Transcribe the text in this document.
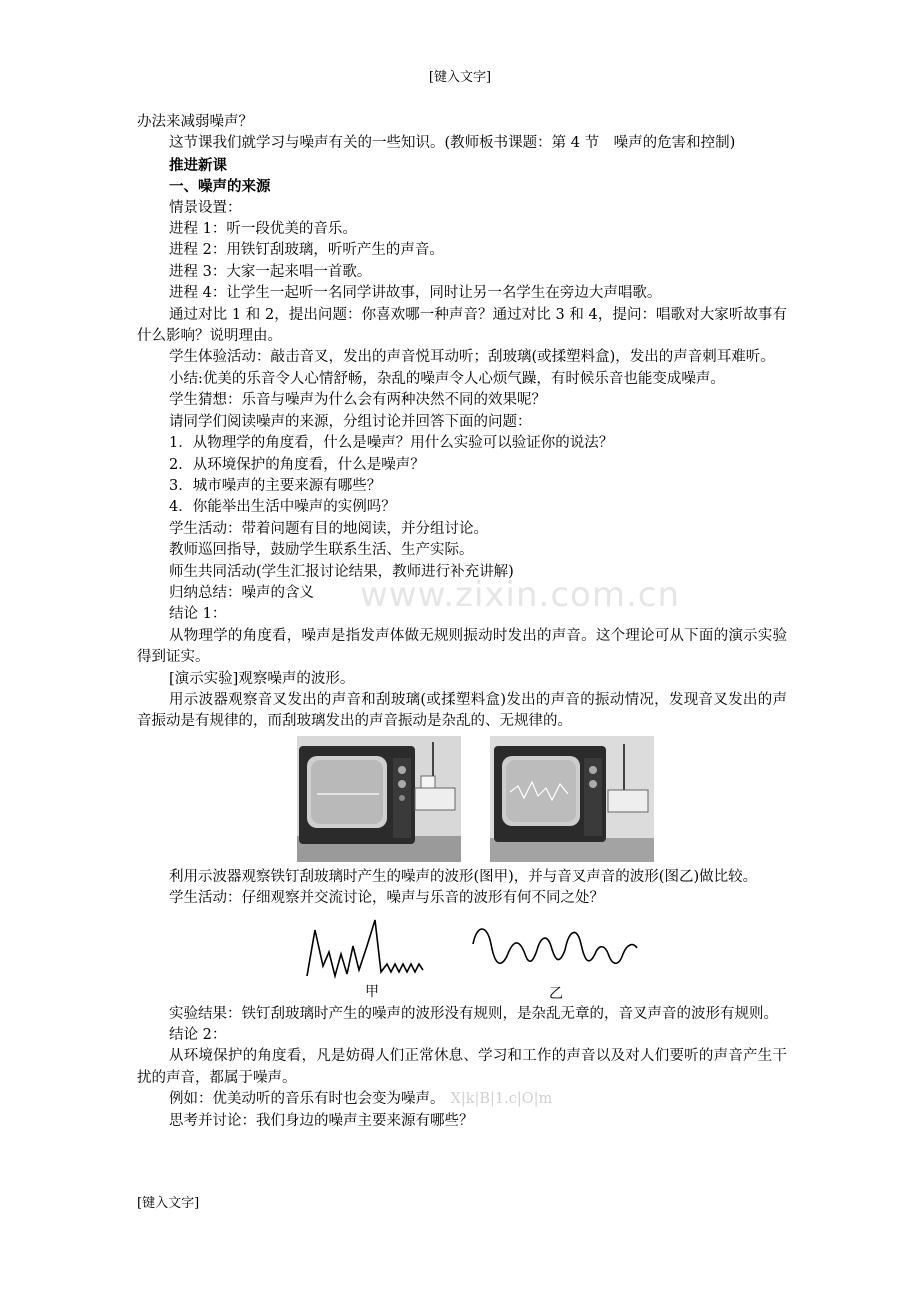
[键入文字]
www.zixin.com.cn

办法来减弱噪声？

这节课我们就学习与噪声有关的一些知识。(教师板书课题：第 4 节　噪声的危害和控制)

推进新课

一、噪声的来源

情景设置：

进程 1：听一段优美的音乐。

进程 2：用铁钉刮玻璃，听听产生的声音。

进程 3：大家一起来唱一首歌。

进程 4：让学生一起听一名同学讲故事，同时让另一名学生在旁边大声唱歌。

通过对比 1 和 2，提出问题：你喜欢哪一种声音？通过对比 3 和 4，提问：唱歌对大家听故事有什么影响？说明理由。

学生体验活动：敲击音叉，发出的声音悦耳动听；刮玻璃(或揉塑料盒)，发出的声音刺耳难听。

小结:优美的乐音令人心情舒畅，杂乱的噪声令人心烦气躁，有时候乐音也能变成噪声。

学生猜想：乐音与噪声为什么会有两种决然不同的效果呢？

请同学们阅读噪声的来源，分组讨论并回答下面的问题：

1．从物理学的角度看，什么是噪声？用什么实验可以验证你的说法？

2．从环境保护的角度看，什么是噪声？

3．城市噪声的主要来源有哪些？

4．你能举出生活中噪声的实例吗？

学生活动：带着问题有目的地阅读，并分组讨论。

教师巡回指导，鼓励学生联系生活、生产实际。

师生共同活动(学生汇报讨论结果，教师进行补充讲解)

归纳总结：噪声的含义

结论 1：

从物理学的角度看，噪声是指发声体做无规则振动时发出的声音。这个理论可从下面的演示实验得到证实。

[演示实验]观察噪声的波形。

用示波器观察音叉发出的声音和刮玻璃(或揉塑料盒)发出的声音的振动情况，发现音叉发出的声音振动是有规律的，而刮玻璃发出的声音振动是杂乱的、无规律的。

利用示波器观察铁钉刮玻璃时产生的噪声的波形(图甲)，并与音叉声音的波形(图乙)做比较。

学生活动：仔细观察并交流讨论，噪声与乐音的波形有何不同之处？

甲	乙

实验结果：铁钉刮玻璃时产生的噪声的波形没有规则，是杂乱无章的，音叉声音的波形有规则。

结论 2：

从环境保护的角度看，凡是妨碍人们正常休息、学习和工作的声音以及对人们要听的声音产生干扰的声音，都属于噪声。

例如：优美动听的音乐有时也会变为噪声。 X|k|B|1.c|O|m

思考并讨论：我们身边的噪声主要来源有哪些？

[键入文字]
